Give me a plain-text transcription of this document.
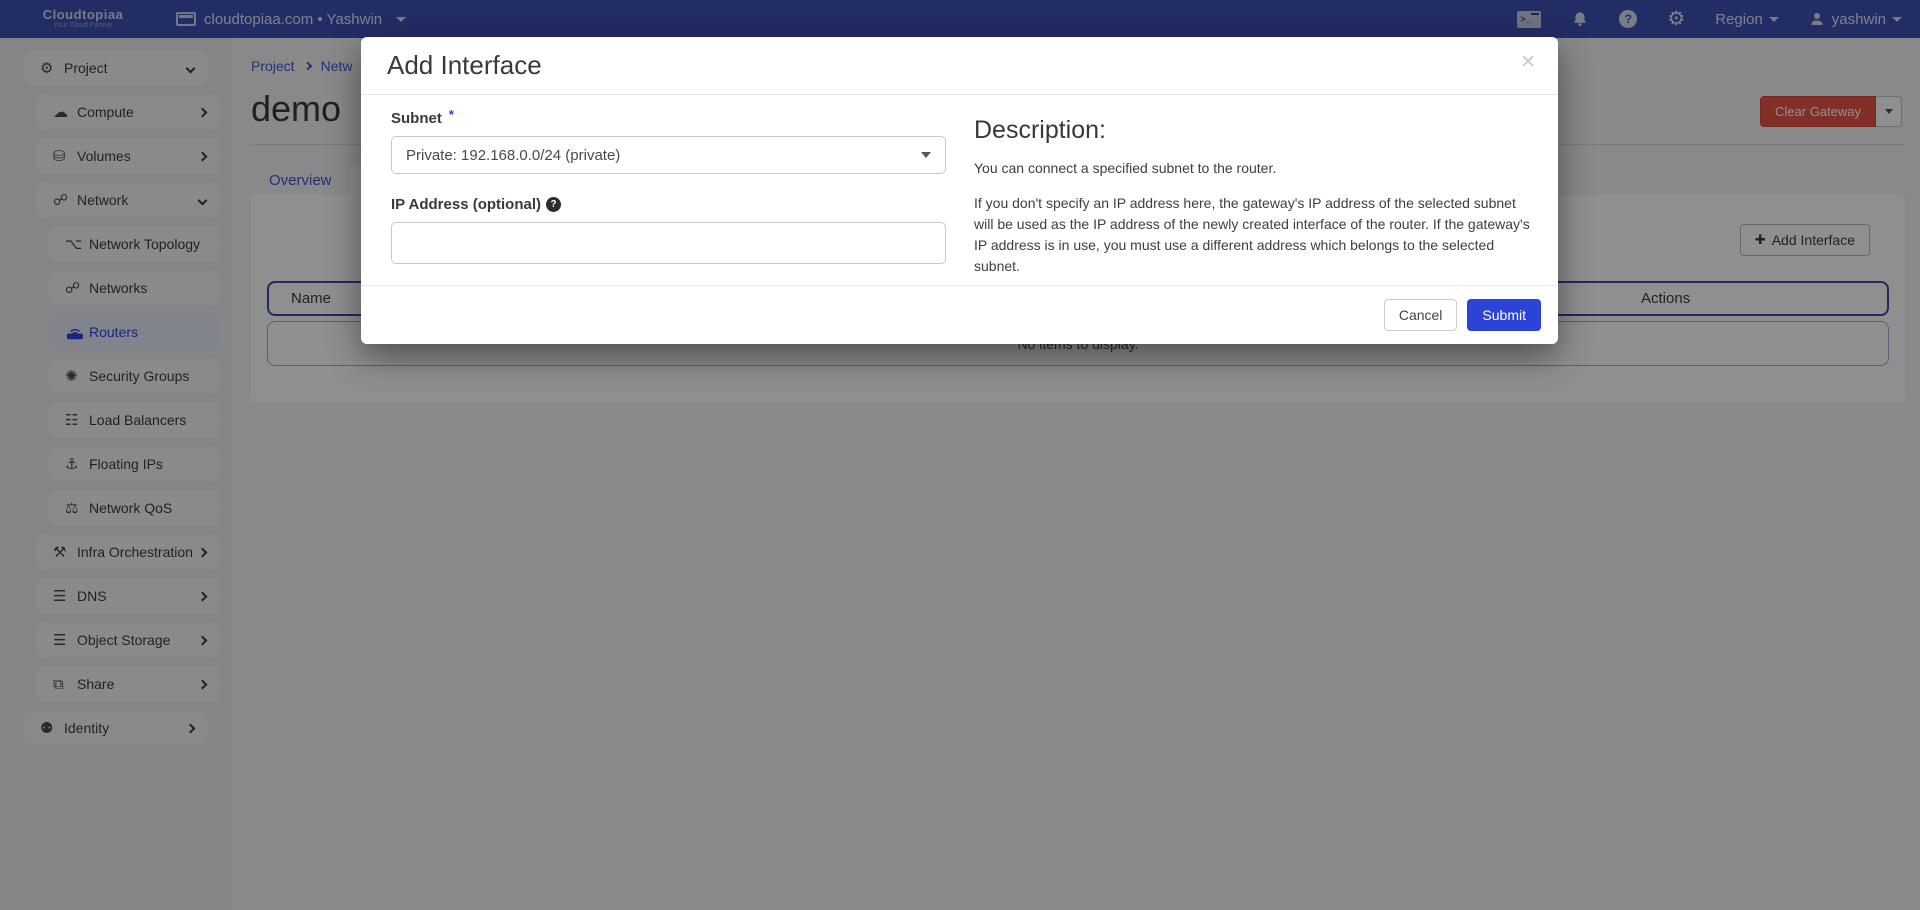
Cloudtopiaa
Your Cloud Partner	cloudtopiaa.com • Yashwin	>_	? ⚙ Region	yashwin
⚙ Project
☁ Compute
⛁ Volumes
☍ Network
⌥ Network Topology
☍ Networks
Routers
✺ Security Groups
☷ Load Balancers
⚓ Floating IPs
⚖ Network QoS
⚒ Infra Orchestration
☰ DNS
☰ Object Storage
⧉ Share
⚉ Identity
Project Netw
demo	Clear Gateway
Overview
✚ Add Interface
Name	Actions
Add Interface	✕
Subnet *
Private: 192.168.0.0/24 (private)
IP Address (optional) ?
Description:
You can connect a specified subnet to the router.
If you don't specify an IP address here, the gateway's IP address of the selected subnet will be used as the IP address of the newly created interface of the router. If the gateway's IP address is in use, you must use a different address which belongs to the selected subnet.
Cancel	Submit
